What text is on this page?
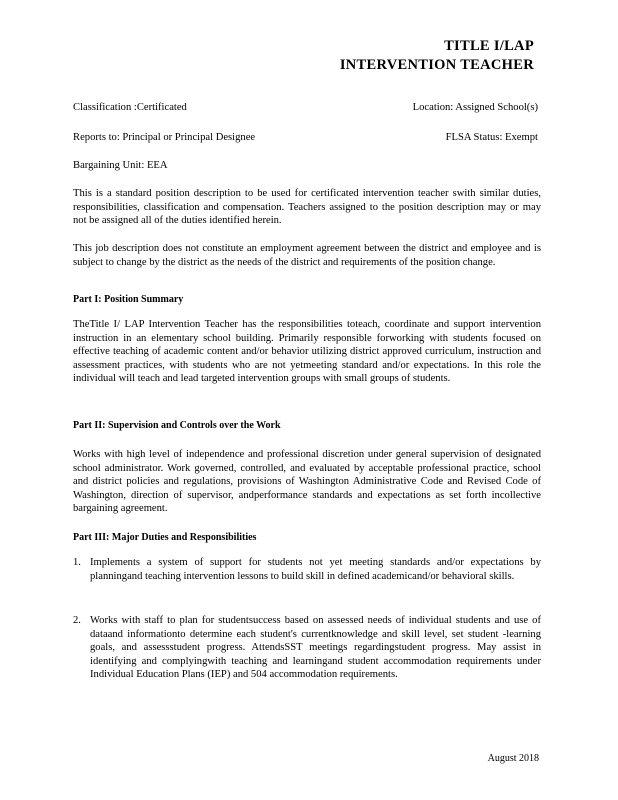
TITLE I/LAP
INTERVENTION TEACHER
Classification :Certificated	Location: Assigned School(s)
Reports to: Principal or Principal Designee	FLSA Status: Exempt
Bargaining Unit: EEA
This is a standard position description to be used for certificated intervention teacher swith similar duties, responsibilities, classification and compensation. Teachers assigned to the position description may or may not be assigned all of the duties identified herein.
This job description does not constitute an employment agreement between the district and employee and is subject to change by the district as the needs of the district and requirements of the position change.
Part I: Position Summary
TheTitle I/ LAP Intervention Teacher has the responsibilities toteach, coordinate and support intervention instruction in an elementary school building. Primarily responsible forworking with students focused on effective teaching of academic content and/or behavior utilizing district approved curriculum, instruction and assessment practices, with students who are not yetmeeting standard and/or expectations. In this role the individual will teach and lead targeted intervention groups with small groups of students.
Part II: Supervision and Controls over the Work
Works with high level of independence and professional discretion under general supervision of designated school administrator. Work governed, controlled, and evaluated by acceptable professional practice, school and district policies and regulations, provisions of Washington Administrative Code and Revised Code of Washington, direction of supervisor, andperformance standards and expectations as set forth incollective bargaining agreement.
Part III: Major Duties and Responsibilities
1. Implements a system of support for students not yet meeting standards and/or expectations by planningand teaching intervention lessons to build skill in defined academicand/or behavioral skills.
2. Works with staff to plan for studentsuccess based on assessed needs of individual students and use of dataand informationto determine each student's currentknowledge and skill level, set student -learning goals, and assessstudent progress. AttendsSST meetings regardingstudent progress. May assist in identifying and complyingwith teaching and learningand student accommodation requirements under Individual Education Plans (IEP) and 504 accommodation requirements.
August 2018
